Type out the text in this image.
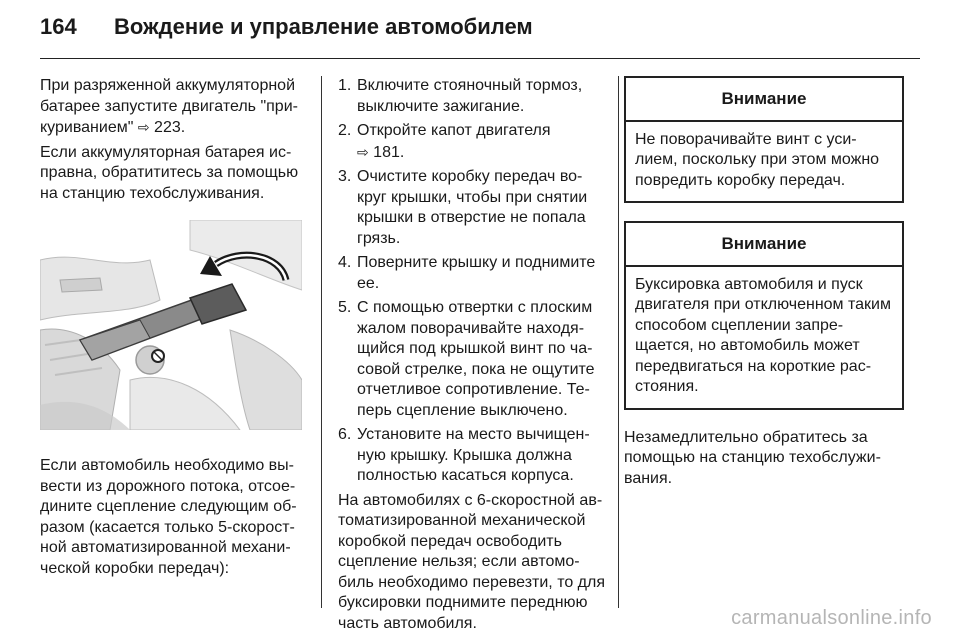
164 Вождение и управление автомобилем

При разряженной аккумуляторной батарее запустите двигатель "прикуриванием" ⇨ 223.

Если аккумуляторная батарея исправна, обратититесь за помощью на станцию техобслуживания.

Если автомобиль необходимо вывести из дорожного потока, отсоедините сцепление следующим образом (касается только 5-скоростной автоматизированной механической коробки передач):

1. Включите стояночный тормоз, выключите зажигание.
2. Откройте капот двигателя
⇨ 181.
3. Очистите коробку передач вокруг крышки, чтобы при снятии крышки в отверстие не попала грязь.
4. Поверните крышку и поднимите ее.
5. С помощью отвертки с плоским жалом поворачивайте находящийся под крышкой винт по часовой стрелке, пока не ощутите отчетливое сопротивление. Теперь сцепление выключено.
6. Установите на место вычищенную крышку. Крышка должна полностью касаться корпуса.

На автомобилях с 6-скоростной автоматизированной механической коробкой передач освободить сцепление нельзя; если автомобиль необходимо перевезти, то для буксировки поднимите переднюю часть автомобиля.

Внимание
Не поворачивайте винт с усилием, поскольку при этом можно повредить коробку передач.
Внимание
Буксировка автомобиля и пуск двигателя при отключенном таким способом сцеплении запрещается, но автомобиль может передвигаться на короткие расстояния.

Незамедлительно обратитесь за помощью на станцию техобслуживания.

carmanualsonline.info
